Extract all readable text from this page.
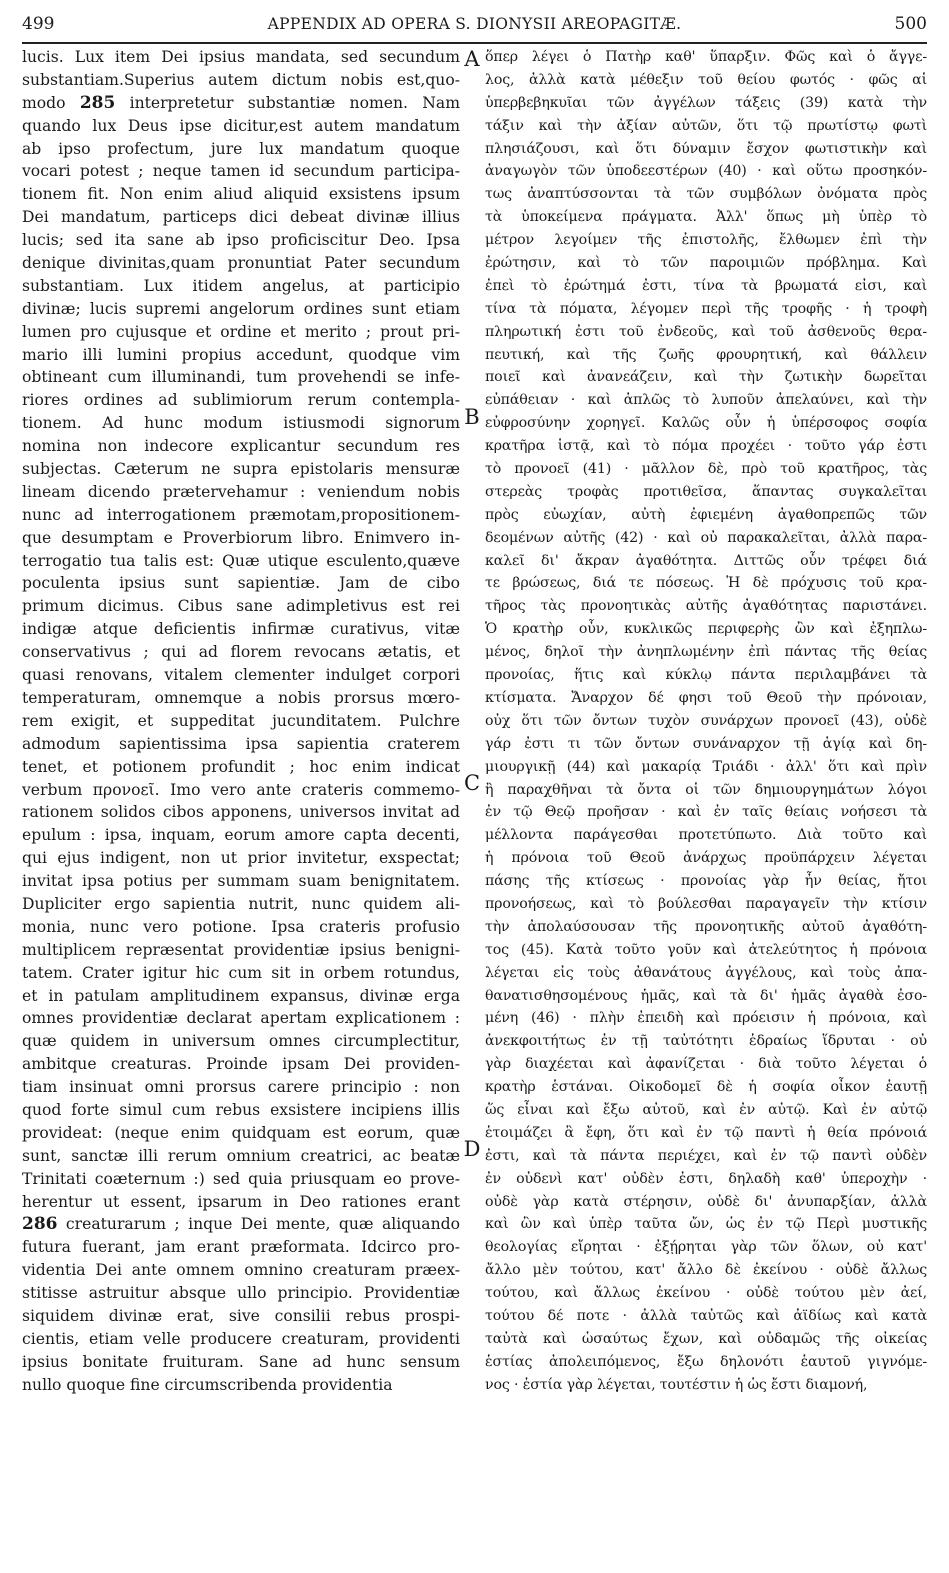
499	APPENDIX AD OPERA S. DIONYSII AREOPAGITÆ.	500
lucis. Lux item Dei ipsius mandata, sed secundum
substantiam.Superius autem dictum nobis est,quo-
modo 285 interpretetur substantiæ nomen. Nam
quando lux Deus ipse dicitur,est autem mandatum
ab ipso profectum, jure lux mandatum quoque
vocari potest ; neque tamen id secundum participa-
tionem fit. Non enim aliud aliquid exsistens ipsum
Dei mandatum, particeps dici debeat divinæ illius
lucis; sed ita sane ab ipso proficiscitur Deo. Ipsa
denique divinitas,quam pronuntiat Pater secundum
substantiam. Lux itidem angelus, at participio
divinæ; lucis supremi angelorum ordines sunt etiam
lumen pro cujusque et ordine et merito ; prout pri-
mario illi lumini propius accedunt, quodque vim
obtineant cum illuminandi, tum provehendi se infe-
riores ordines ad sublimiorum rerum contempla-
tionem. Ad hunc modum istiusmodi signorum
nomina non indecore explicantur secundum res
subjectas. Cæterum ne supra epistolaris mensuræ
lineam dicendo prætervehamur : veniendum nobis
nunc ad interrogationem præmotam,propositionem-
que desumptam e Proverbiorum libro. Enimvero in-
terrogatio tua talis est: Quæ utique esculento,quæve
poculenta ipsius sunt sapientiæ. Jam de cibo
primum dicimus. Cibus sane adimpletivus est rei
indigæ atque deficientis infirmæ curativus, vitæ
conservativus ; qui ad florem revocans ætatis, et
quasi renovans, vitalem clementer indulget corpori
temperaturam, omnemque a nobis prorsus mœro-
rem exigit, et suppeditat jucunditatem. Pulchre
admodum sapientissima ipsa sapientia craterem
tenet, et potionem profundit ; hoc enim indicat
verbum προνοεῖ. Imo vero ante crateris commemo-
rationem solidos cibos apponens, universos invitat ad
epulum : ipsa, inquam, eorum amore capta decenti,
qui ejus indigent, non ut prior invitetur, exspectat;
invitat ipsa potius per summam suam benignitatem.
Dupliciter ergo sapientia nutrit, nunc quidem ali-
monia, nunc vero potione. Ipsa crateris profusio
multiplicem repræsentat providentiæ ipsius benigni-
tatem. Crater igitur hic cum sit in orbem rotundus,
et in patulam amplitudinem expansus, divinæ erga
omnes providentiæ declarat apertam explicationem :
quæ quidem in universum omnes circumplectitur,
ambitque creaturas. Proinde ipsam Dei providen-
tiam insinuat omni prorsus carere principio : non
quod forte simul cum rebus exsistere incipiens illis
provideat: (neque enim quidquam est eorum, quæ
sunt, sanctæ illi rerum omnium creatrici, ac beatæ
Trinitati coæternum :) sed quia priusquam eo prove-
herentur ut essent, ipsarum in Deo rationes erant
286 creaturarum ; inque Dei mente, quæ aliquando
futura fuerant, jam erant præformata. Idcirco pro-
videntia Dei ante omnem omnino creaturam præex-
stitisse astruitur absque ullo principio. Providentiæ
siquidem divinæ erat, sive consilii rebus prospi-
cientis, etiam velle producere creaturam, providenti
ipsius bonitate fruituram. Sane ad hunc sensum
nullo quoque fine circumscribenda providentia
ὅπερ λέγει ὁ Πατὴρ καθ' ὕπαρξιν. Φῶς καὶ ὁ ἄγγε-
λος, ἀλλὰ κατὰ μέθεξιν τοῦ θείου φωτός · φῶς αἱ
ὑπερβεβηκυῖαι τῶν ἀγγέλων τάξεις (39) κατὰ τὴν
τάξιν καὶ τὴν ἀξίαν αὐτῶν, ὅτι τῷ πρωτίστῳ φωτὶ
πλησιάζουσι, καὶ ὅτι δύναμιν ἔσχον φωτιστικὴν καὶ
ἀναγωγὸν τῶν ὑποδεεστέρων (40) · καὶ οὕτω προσηκόν-
τως ἀναπτύσσονται τὰ τῶν συμβόλων ὀνόματα πρὸς
τὰ ὑποκείμενα πράγματα. Ἀλλ' ὅπως μὴ ὑπὲρ τὸ
μέτρον λεγοίμεν τῆς ἐπιστολῆς, ἔλθωμεν ἐπὶ τὴν
ἐρώτησιν, καὶ τὸ τῶν παροιμιῶν πρόβλημα. Καὶ
ἐπεὶ τὸ ἐρώτημά ἐστι, τίνα τὰ βρωματά εἰσι, καὶ
τίνα τὰ πόματα, λέγομεν περὶ τῆς τροφῆς · ἡ τροφὴ
πληρωτική ἐστι τοῦ ἐνδεοῦς, καὶ τοῦ ἀσθενοῦς θερα-
πευτική, καὶ τῆς ζωῆς φρουρητική, καὶ θάλλειν
ποιεῖ καὶ ἀνανεάζειν, καὶ τὴν ζωτικὴν δωρεῖται
εὐπάθειαν · καὶ ἁπλῶς τὸ λυποῦν ἀπελαύνει, καὶ τὴν
εὐφροσύνην χορηγεῖ. Καλῶς οὖν ἡ ὑπέρσοφος σοφία
κρατῆρα ἱστᾷ, καὶ τὸ πόμα προχέει · τοῦτο γάρ ἐστι
τὸ προνοεῖ (41) · μᾶλλον δὲ, πρὸ τοῦ κρατῆρος, τὰς
στερεὰς τροφὰς προτιθεῖσα, ἅπαντας συγκαλεῖται
πρὸς εὐωχίαν, αὐτὴ ἐφιεμένη ἀγαθοπρεπῶς τῶν
δεομένων αὐτῆς (42) · καὶ οὐ παρακαλεῖται, ἀλλὰ παρα-
καλεῖ δι' ἄκραν ἀγαθότητα. Διττῶς οὖν τρέφει διά
τε βρώσεως, διά τε πόσεως. Ἡ δὲ πρόχυσις τοῦ κρα-
τῆρος τὰς προνοητικὰς αὐτῆς ἀγαθότητας παριστάνει.
Ὁ κρατὴρ οὖν, κυκλικῶς περιφερὴς ὢν καὶ ἐξηπλω-
μένος, δηλοῖ τὴν ἀνηπλωμένην ἐπὶ πάντας τῆς θείας
προνοίας, ἥτις καὶ κύκλῳ πάντα περιλαμβάνει τὰ
κτίσματα. Ἄναρχον δέ φησι τοῦ Θεοῦ τὴν πρόνοιαν,
οὐχ ὅτι τῶν ὄντων τυχὸν συνάρχων προνοεῖ (43), οὐδὲ
γάρ ἐστι τι τῶν ὄντων συνάναρχον τῇ ἁγίᾳ καὶ δη-
μιουργικῇ (44) καὶ μακαρίᾳ Τριάδι · ἀλλ' ὅτι καὶ πρὶν
ἢ παραχθῆναι τὰ ὄντα οἱ τῶν δημιουργημάτων λόγοι
ἐν τῷ Θεῷ προῆσαν · καὶ ἐν ταῖς θείαις νοήσεσι τὰ
μέλλοντα παράγεσθαι προτετύπωτο. Διὰ τοῦτο καὶ
ἡ πρόνοια τοῦ Θεοῦ ἀνάρχως προϋπάρχειν λέγεται
πάσης τῆς κτίσεως · προνοίας γὰρ ἦν θείας, ἤτοι
προνοήσεως, καὶ τὸ βούλεσθαι παραγαγεῖν τὴν κτίσιν
τὴν ἀπολαύσουσαν τῆς προνοητικῆς αὐτοῦ ἀγαθότη-
τος (45). Κατὰ τοῦτο γοῦν καὶ ἀτελεύτητος ἡ πρόνοια
λέγεται εἰς τοὺς ἀθανάτους ἀγγέλους, καὶ τοὺς ἀπα-
θανατισθησομένους ἡμᾶς, καὶ τὰ δι' ἡμᾶς ἀγαθὰ ἐσο-
μένη (46) · πλὴν ἐπειδὴ καὶ πρόεισιν ἡ πρόνοια, καὶ
ἀνεκφοιτήτως ἐν τῇ ταὐτότητι ἑδραίως ἵδρυται · οὐ
γὰρ διαχέεται καὶ ἀφανίζεται · διὰ τοῦτο λέγεται ὁ
κρατὴρ ἑστάναι. Οἰκοδομεῖ δὲ ἡ σοφία οἶκον ἑαυτῇ
ὥς εἶναι καὶ ἔξω αὐτοῦ, καὶ ἐν αὐτῷ. Καὶ ἐν αὐτῷ
ἑτοιμάζει ἃ ἔφη, ὅτι καὶ ἐν τῷ παντὶ ἡ θεία πρόνοιά
ἐστι, καὶ τὰ πάντα περιέχει, καὶ ἐν τῷ παντὶ οὐδὲν
ἐν οὐδενὶ κατ' οὐδὲν ἐστι, δηλαδὴ καθ' ὑπεροχὴν ·
οὐδὲ γὰρ κατὰ στέρησιν, οὐδὲ δι' ἀνυπαρξίαν, ἀλλὰ
καὶ ὢν καὶ ὑπὲρ ταῦτα ὤν, ὡς ἐν τῷ Περὶ μυστικῆς
θεολογίας εἴρηται · ἐξῄρηται γὰρ τῶν ὅλων, οὐ κατ'
ἄλλο μὲν τούτου, κατ' ἄλλο δὲ ἐκείνου · οὐδὲ ἄλλως
τούτου, καὶ ἄλλως ἐκείνου · οὐδὲ τούτου μὲν ἀεί,
τούτου δέ ποτε · ἀλλὰ ταὐτῶς καὶ ἀϊδίως καὶ κατὰ
ταὐτὰ καὶ ὡσαύτως ἔχων, καὶ οὐδαμῶς τῆς οἰκείας
ἑστίας ἀπολειπόμενος, ἔξω δηλονότι ἑαυτοῦ γιγνόμε-
νος · ἑστία γὰρ λέγεται, τουτέστιν ἡ ὡς ἔστι διαμονή,
A
B
C
D
